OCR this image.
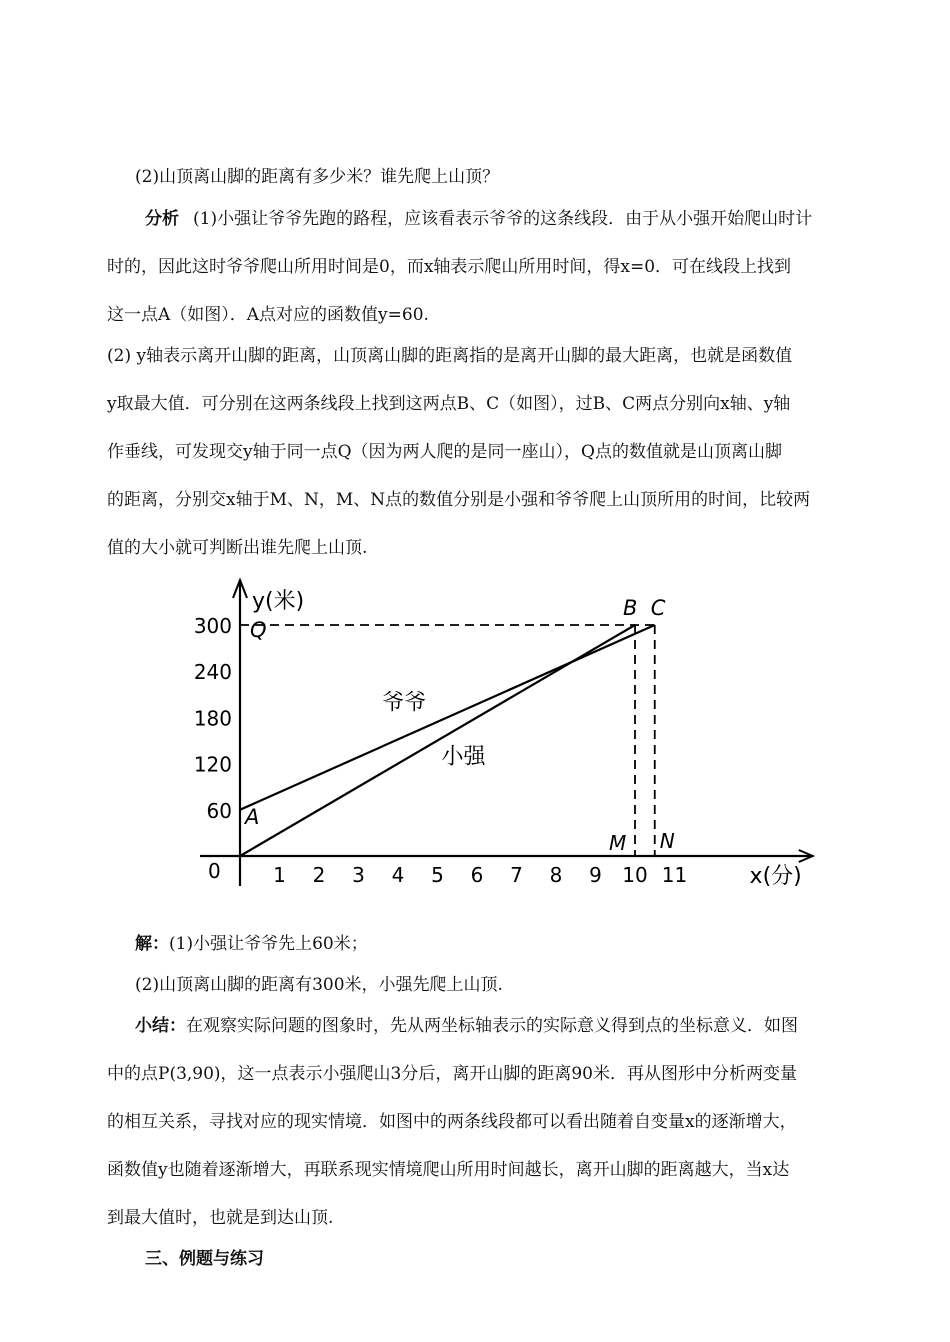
(2)山顶离山脚的距离有多少米？谁先爬上山顶？
分析 (1)小强让爷爷先跑的路程，应该看表示爷爷的这条线段．由于从小强开始爬山时计
时的，因此这时爷爷爬山所用时间是0，而x轴表示爬山所用时间，得x=0．可在线段上找到
这一点A（如图）．A点对应的函数值y=60.
(2) y轴表示离开山脚的距离，山顶离山脚的距离指的是离开山脚的最大距离，也就是函数值
y取最大值．可分别在这两条线段上找到这两点B、C（如图），过B、C两点分别向x轴、y轴
作垂线，可发现交y轴于同一点Q（因为两人爬的是同一座山），Q点的数值就是山顶离山脚
的距离，分别交x轴于M、N，M、N点的数值分别是小强和爷爷爬上山顶所用的时间，比较两
值的大小就可判断出谁先爬上山顶.
300
240
180
120
60
1 2 3 4 5 6 7 8 9 10 11
y(米)
x(分)
0
爷爷
小强
A
Q
B C
M N
解：(1)小强让爷爷先上60米；
(2)山顶离山脚的距离有300米，小强先爬上山顶.
小结：在观察实际问题的图象时，先从两坐标轴表示的实际意义得到点的坐标意义．如图
中的点P(3,90)，这一点表示小强爬山3分后，离开山脚的距离90米．再从图形中分析两变量
的相互关系，寻找对应的现实情境．如图中的两条线段都可以看出随着自变量x的逐渐增大，
函数值y也随着逐渐增大，再联系现实情境爬山所用时间越长，离开山脚的距离越大，当x达
到最大值时，也就是到达山顶.
三、例题与练习
